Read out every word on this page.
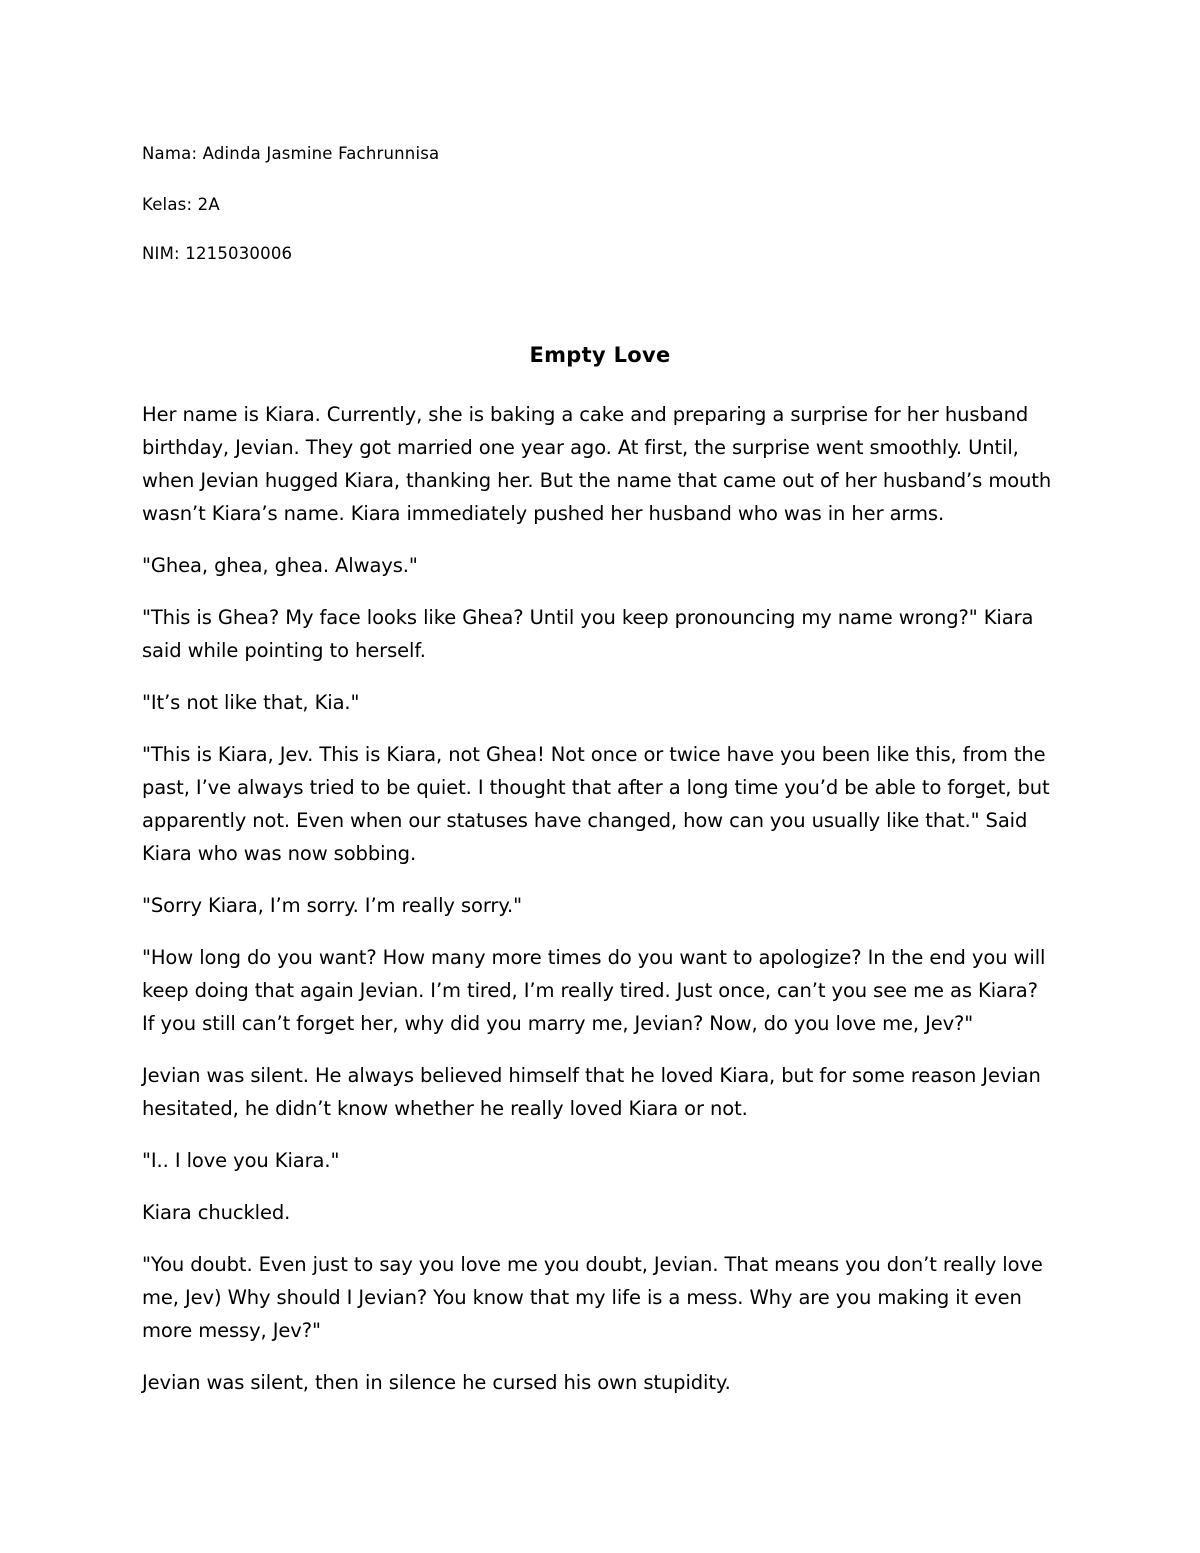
Nama: Adinda Jasmine Fachrunnisa
Kelas: 2A
NIM: 1215030006
Empty Love

Her name is Kiara. Currently, she is baking a cake and preparing a surprise for her husband birthday, Jevian. They got married one year ago. At first, the surprise went smoothly. Until, when Jevian hugged Kiara, thanking her. But the name that came out of her husband’s mouth wasn’t Kiara’s name. Kiara immediately pushed her husband who was in her arms.

"Ghea, ghea, ghea. Always."

"This is Ghea? My face looks like Ghea? Until you keep pronouncing my name wrong?" Kiara said while pointing to herself.

"It’s not like that, Kia."

"This is Kiara, Jev. This is Kiara, not Ghea! Not once or twice have you been like this, from the past, I’ve always tried to be quiet. I thought that after a long time you’d be able to forget, but apparently not. Even when our statuses have changed, how can you usually like that." Said Kiara who was now sobbing.

"Sorry Kiara, I’m sorry. I’m really sorry."

"How long do you want? How many more times do you want to apologize? In the end you will keep doing that again Jevian. I’m tired, I’m really tired. Just once, can’t you see me as Kiara? If you still can’t forget her, why did you marry me, Jevian? Now, do you love me, Jev?"

Jevian was silent. He always believed himself that he loved Kiara, but for some reason Jevian hesitated, he didn’t know whether he really loved Kiara or not.

"I.. I love you Kiara."

Kiara chuckled.

"You doubt. Even just to say you love me you doubt, Jevian. That means you don’t really love me, Jev) Why should I Jevian? You know that my life is a mess. Why are you making it even more messy, Jev?"

Jevian was silent, then in silence he cursed his own stupidity.
